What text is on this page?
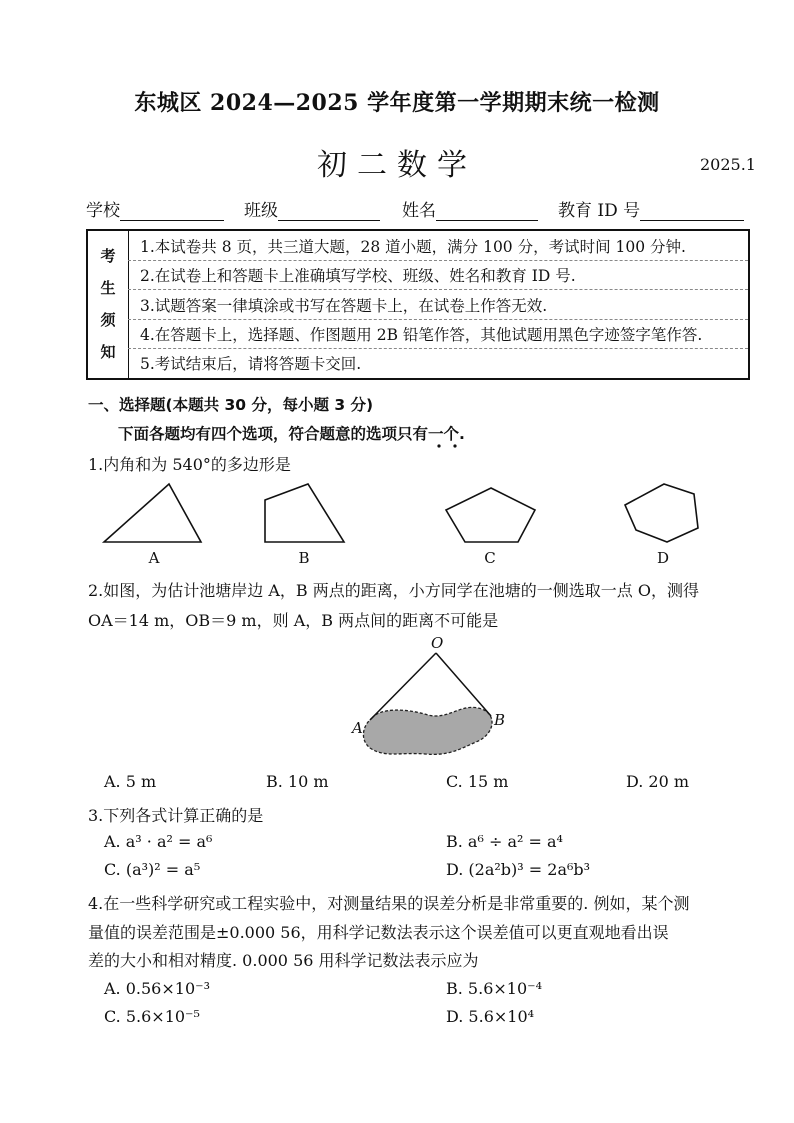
东城区 2024—2025 学年度第一学期期末统一检测
初二数学	2025.1
学校	班级	姓名	教育 ID 号
考
生
须
知
1.本试卷共 8 页，共三道大题，28 道小题，满分 100 分，考试时间 100 分钟.
2.在试卷上和答题卡上准确填写学校、班级、姓名和教育 ID 号.
3.试题答案一律填涂或书写在答题卡上，在试卷上作答无效.
4.在答题卡上，选择题、作图题用 2B 铅笔作答，其他试题用黑色字迹签字笔作答.
5.考试结束后，请将答题卡交回.
一、选择题(本题共 30 分，每小题 3 分)
下面各题均有四个选项，符合题意的选项只有一个.
1.内角和为 540°的多边形是
A	B	C	D
2.如图，为估计池塘岸边 A，B 两点的距离，小方同学在池塘的一侧选取一点 O，测得
OA＝14 m，OB＝9 m，则 A，B 两点间的距离不可能是
O
A	B
A. 5 m	B. 10 m	C. 15 m	D. 20 m
3.下列各式计算正确的是
A. a³ · a² = a⁶	B. a⁶ ÷ a² = a⁴
C. (a³)² = a⁵	D. (2a²b)³ = 2a⁶b³
4.在一些科学研究或工程实验中，对测量结果的误差分析是非常重要的. 例如，某个测
量值的误差范围是±0.000 56，用科学记数法表示这个误差值可以更直观地看出误
差的大小和相对精度. 0.000 56 用科学记数法表示应为
A. 0.56×10⁻³	B. 5.6×10⁻⁴
C. 5.6×10⁻⁵	D. 5.6×10⁴
